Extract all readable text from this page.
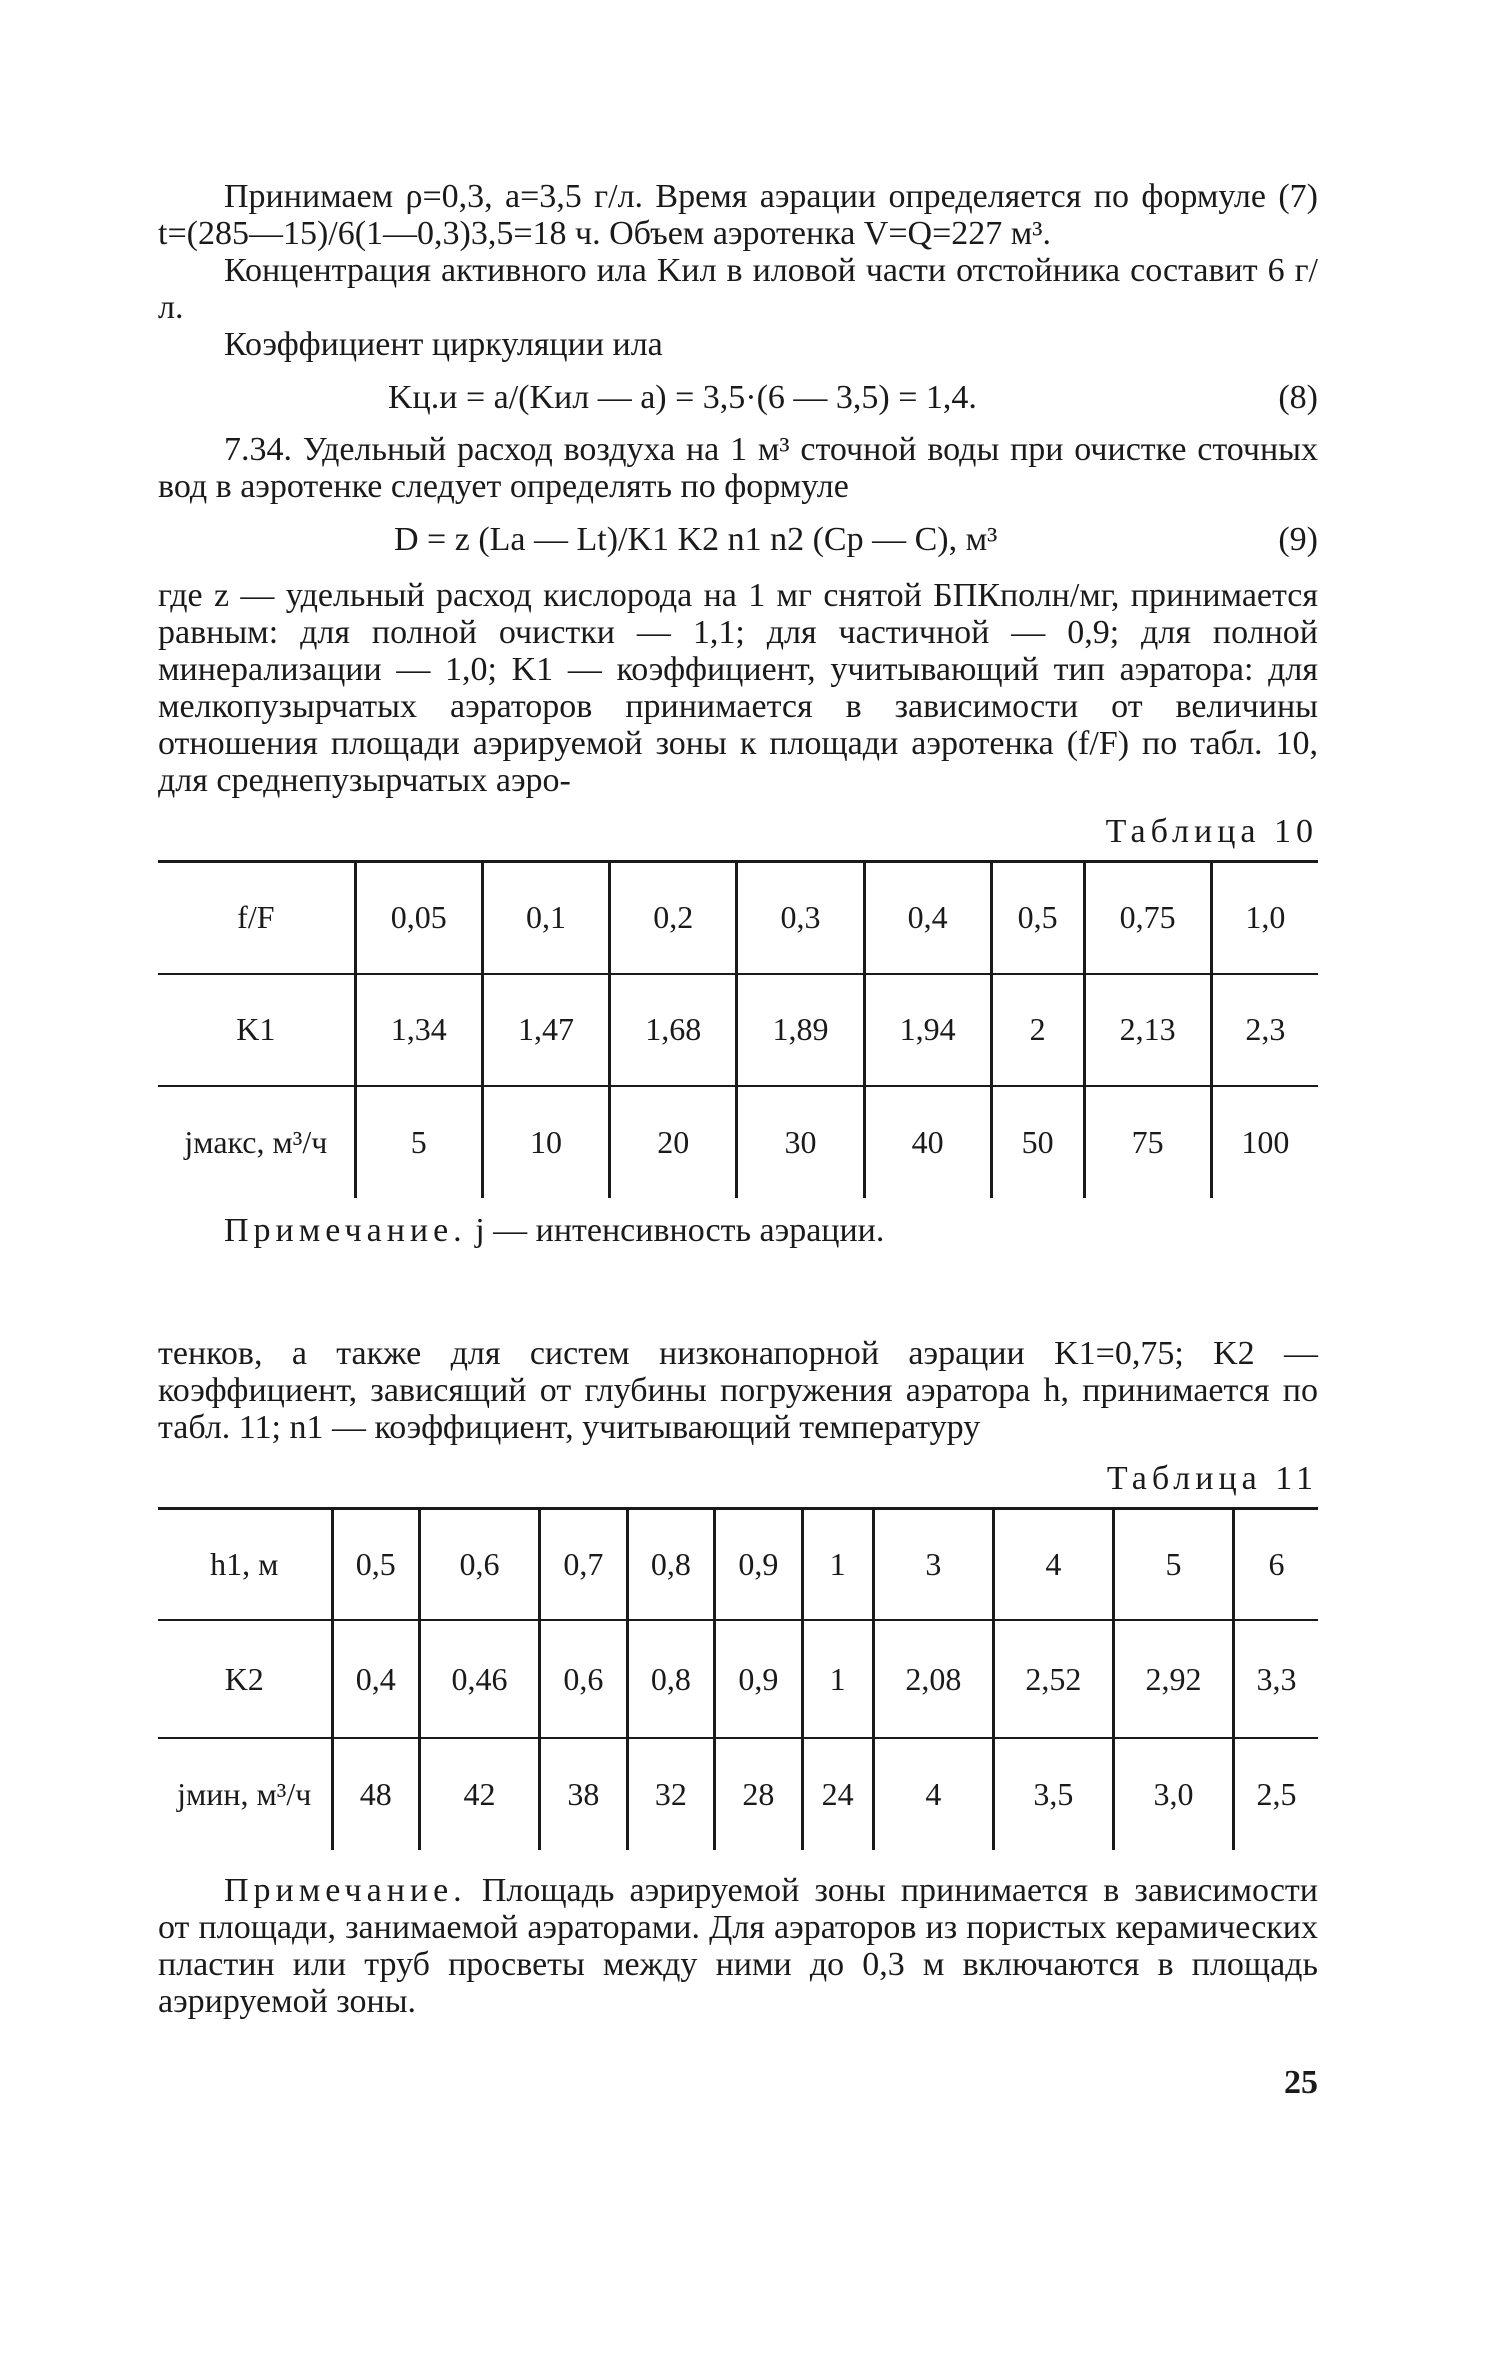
Принимаем ρ=0,3, а=3,5 г/л. Время аэрации определяется по формуле (7) t=(285—15)/6(1—0,3)3,5=18 ч. Объем аэротенка V=Q=227 м³.

Концентрация активного ила Kил в иловой части отстойника составит 6 г/л.

Коэффициент циркуляции ила

Kц.и = а/(Kил — а) = 3,5·(6 — 3,5) = 1,4.	(8)

7.34. Удельный расход воздуха на 1 м³ сточной воды при очистке сточных вод в аэротенке следует определять по формуле

D = z (Lа — Lt)/K1 K2 n1 n2 (Cр — C), м³	(9)

где z — удельный расход кислорода на 1 мг снятой БПКполн/мг, принимается равным: для полной очистки — 1,1; для частичной — 0,9; для полной минерализации — 1,0; K1 — коэффициент, учитывающий тип аэратора: для мелкопузырчатых аэраторов принимается в зависимости от величины отношения площади аэрируемой зоны к площади аэротенка (f/F) по табл. 10, для среднепузырчатых аэро-

Таблица 10
f/F	0,05	0,1	0,2	0,3	0,4	0,5	0,75	1,0
K1	1,34	1,47	1,68	1,89	1,94	2	2,13	2,3
jмакс, м³/ч	5	10	20	30	40	50	75	100

Примечание. j — интенсивность аэрации.

тенков, а также для систем низконапорной аэрации K1=0,75; K2 — коэффициент, зависящий от глубины погружения аэратора h, принимается по табл. 11; n1 — коэффициент, учитывающий температуру

Таблица 11
h1, м	0,5	0,6	0,7	0,8	0,9	1	3	4	5	6
K2	0,4	0,46	0,6	0,8	0,9	1	2,08	2,52	2,92	3,3
jмин, м³/ч	48	42	38	32	28	24	4	3,5	3,0	2,5

Примечание. Площадь аэрируемой зоны принимается в зависимости от площади, занимаемой аэраторами. Для аэраторов из пористых керамических пластин или труб просветы между ними до 0,3 м включаются в площадь аэрируемой зоны.

25
